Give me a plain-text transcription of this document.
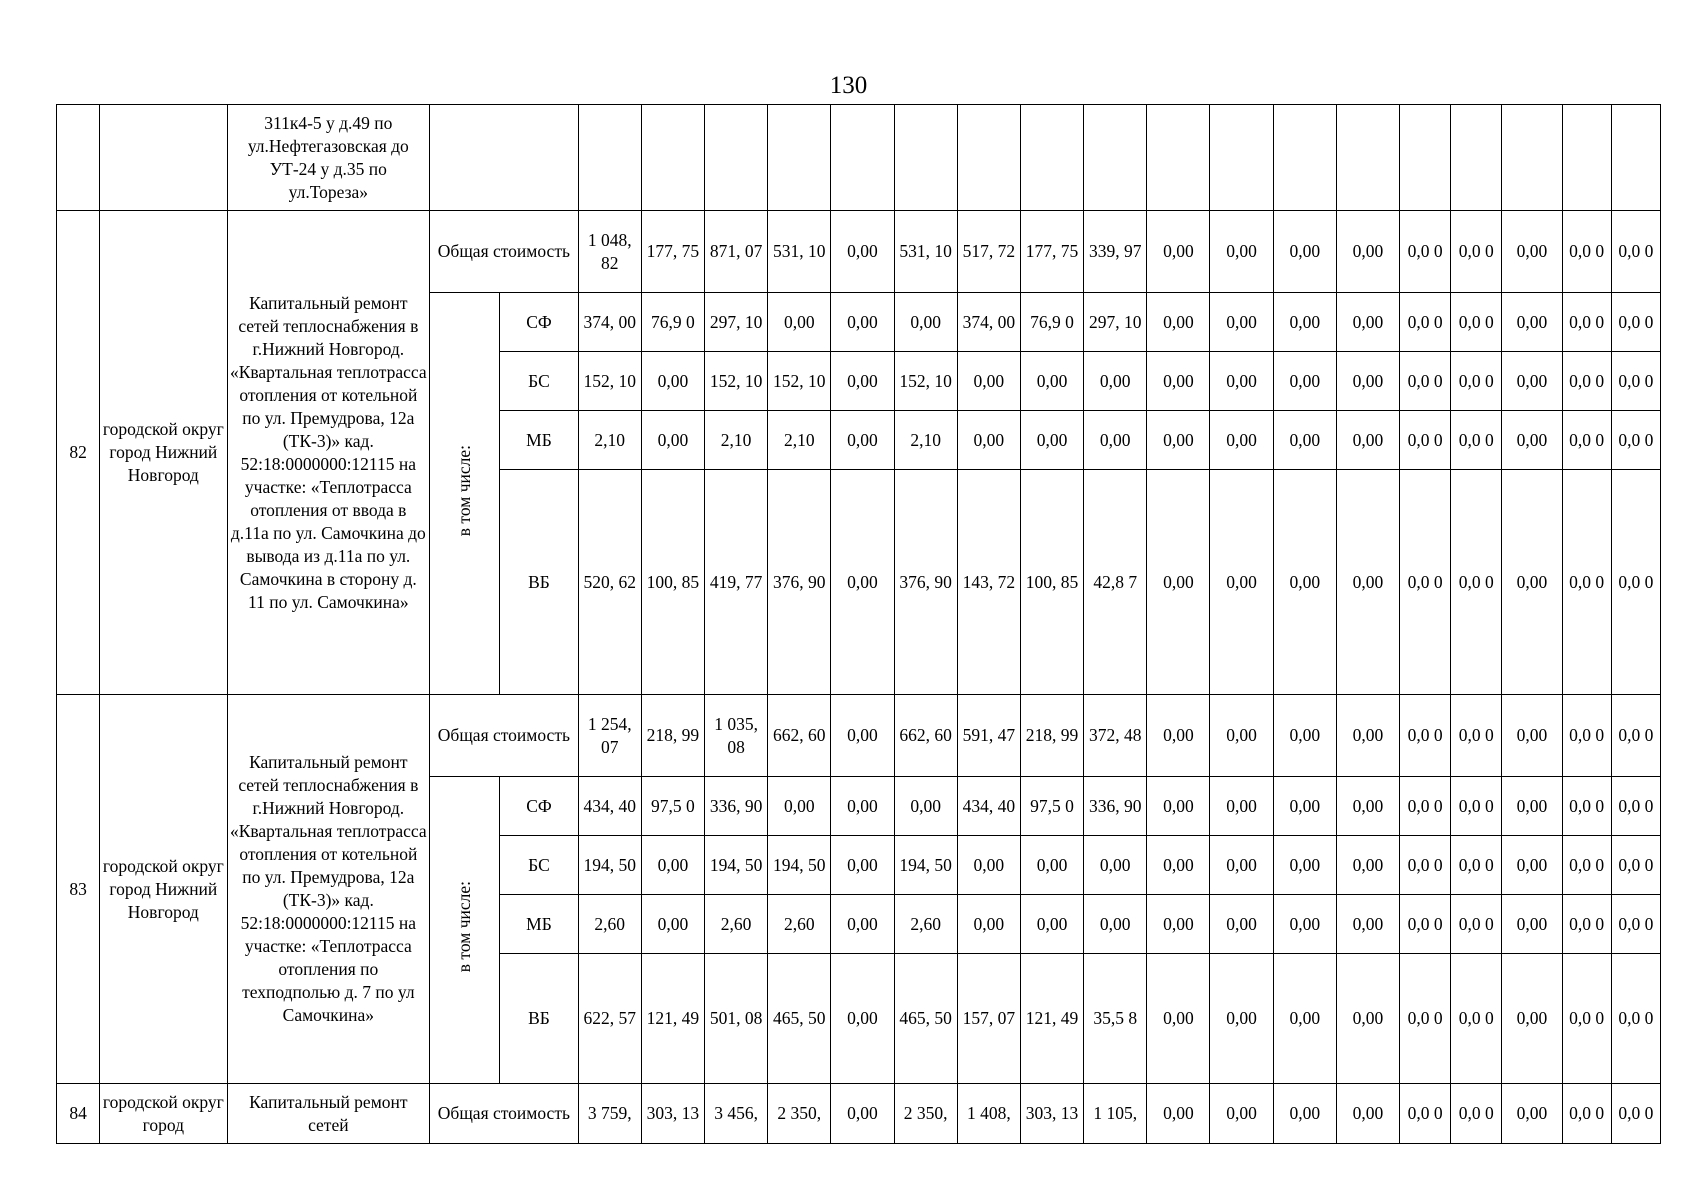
130
		311к4-5 у д.49 по ул.Нефтегазовская до УТ-24 у д.35 по ул.Тореза»																				
82	городской округ город Нижний Новгород	Капитальный ремонт сетей теплоснабжения в г.Нижний Новгород. «Квартальная теплотрасса отопления от котельной по ул. Премудрова, 12а (ТК-3)» кад. 52:18:0000000:12115 на участке: «Теплотрасса отопления от ввода в д.11а по ул. Самочкина до вывода из д.11а по ул. Самочкина в сторону д. 11 по ул. Самочкина»	Общая стоимость		1 048, 82	177, 75	871, 07	531, 10	0,00	531, 10	517, 72	177, 75	339, 97	0,00	0,00	0,00	0,00	0,0 0	0,0 0	0,00	0,0 0	0,0 0
			в том числе:	СФ	374, 00	76,9 0	297, 10	0,00	0,00	0,00	374, 00	76,9 0	297, 10	0,00	0,00	0,00	0,00	0,0 0	0,0 0	0,00	0,0 0	0,0 0
				БС	152, 10	0,00	152, 10	152, 10	0,00	152, 10	0,00	0,00	0,00	0,00	0,00	0,00	0,00	0,0 0	0,0 0	0,00	0,0 0	0,0 0
				МБ	2,10	0,00	2,10	2,10	0,00	2,10	0,00	0,00	0,00	0,00	0,00	0,00	0,00	0,0 0	0,0 0	0,00	0,0 0	0,0 0
				ВБ	520, 62	100, 85	419, 77	376, 90	0,00	376, 90	143, 72	100, 85	42,8 7	0,00	0,00	0,00	0,00	0,0 0	0,0 0	0,00	0,0 0	0,0 0
83	городской округ город Нижний Новгород	Капитальный ремонт сетей теплоснабжения в г.Нижний Новгород. «Квартальная теплотрасса отопления от котельной по ул. Премудрова, 12а (ТК-3)» кад. 52:18:0000000:12115 на участке: «Теплотрасса отопления по техподполью д. 7 по ул Самочкина»	Общая стоимость		1 254, 07	218, 99	1 035, 08	662, 60	0,00	662, 60	591, 47	218, 99	372, 48	0,00	0,00	0,00	0,00	0,0 0	0,0 0	0,00	0,0 0	0,0 0
			в том числе:	СФ	434, 40	97,5 0	336, 90	0,00	0,00	0,00	434, 40	97,5 0	336, 90	0,00	0,00	0,00	0,00	0,0 0	0,0 0	0,00	0,0 0	0,0 0
				БС	194, 50	0,00	194, 50	194, 50	0,00	194, 50	0,00	0,00	0,00	0,00	0,00	0,00	0,00	0,0 0	0,0 0	0,00	0,0 0	0,0 0
				МБ	2,60	0,00	2,60	2,60	0,00	2,60	0,00	0,00	0,00	0,00	0,00	0,00	0,00	0,0 0	0,0 0	0,00	0,0 0	0,0 0
				ВБ	622, 57	121, 49	501, 08	465, 50	0,00	465, 50	157, 07	121, 49	35,5 8	0,00	0,00	0,00	0,00	0,0 0	0,0 0	0,00	0,0 0	0,0 0
84	городской округ город	Капитальный ремонт сетей	Общая стоимость		3 759,	303, 13	3 456,	2 350,	0,00	2 350,	1 408,	303, 13	1 105,	0,00	0,00	0,00	0,00	0,0 0	0,0 0	0,00	0,0 0	0,0 0
